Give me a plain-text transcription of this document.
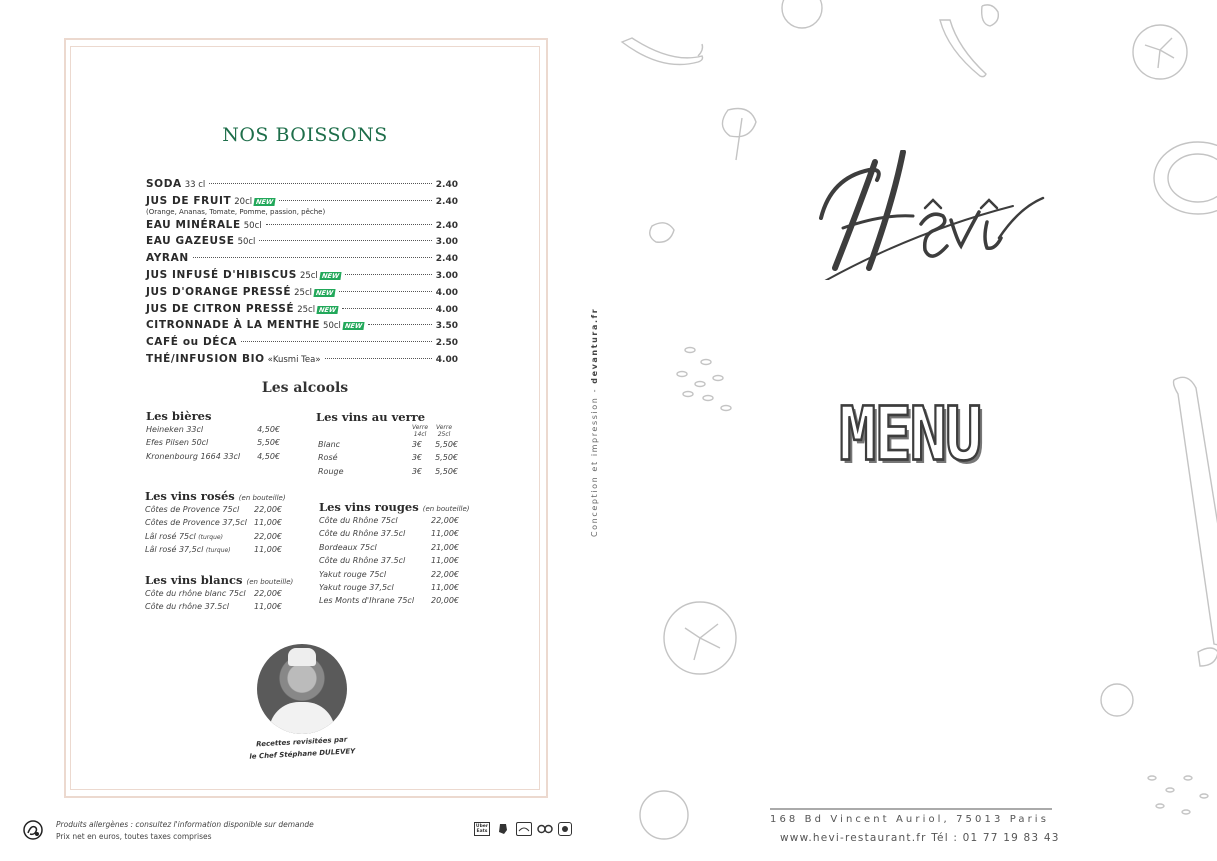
NOS BOISSONS
SODA 33 cl	2.40
JUS DE FRUIT 20cl NEW	2.40
(Orange, Ananas, Tomate, Pomme, passion, pêche)
EAU MINÉRALE 50cl	2.40
EAU GAZEUSE 50cl	3.00
AYRAN	2.40
JUS INFUSÉ D'HIBISCUS 25cl NEW	3.00
JUS D'ORANGE PRESSÉ 25cl NEW	4.00
JUS DE CITRON PRESSÉ 25cl NEW	4.00
CITRONNADE À LA MENTHE 50cl NEW	3.50
CAFÉ ou DÉCA	2.50
THÉ/INFUSION BIO «Kusmi Tea»	4.00
Les alcools
Les bières
Heineken 33cl	4,50€
Efes Pilsen 50cl	5,50€
Kronenbourg 1664 33cl	4,50€
Les vins au verre
Verre
14cl
Verre
25cl
Blanc	3€	5,50€
Rosé	3€	5,50€
Rouge	3€	5,50€
Les vins rosés (en bouteille)
Côtes de Provence 75cl	22,00€
Côtes de Provence 37,5cl 11,00€
Lâl rosé 75cl (turque)	22,00€
Lâl rosé 37,5cl (turque)	11,00€
Les vins rouges (en bouteille)
Côte du Rhône 75cl	22,00€
Côte du Rhône 37.5cl	11,00€
Bordeaux 75cl	21,00€
Côte du Rhône 37.5cl	11,00€
Yakut rouge 75cl	22,00€
Yakut rouge 37,5cl	11,00€
Les Monts d'Ihrane 75cl	20,00€
Les vins blancs (en bouteille)
Côte du rhône blanc 75cl	22,00€
Côte du rhône 37.5cl	11,00€
Recettes revisitées par
le Chef Stéphane DULEVEY
Conception et impression - devantura.fr
Produits allergènes : consultez l'information disponible sur demande
Prix net en euros, toutes taxes comprises
Uber
Eats
Hêvî
MENU
168 Bd Vincent Auriol, 75013 Paris
www.hevi-restaurant.fr Tél : 01 77 19 83 43
